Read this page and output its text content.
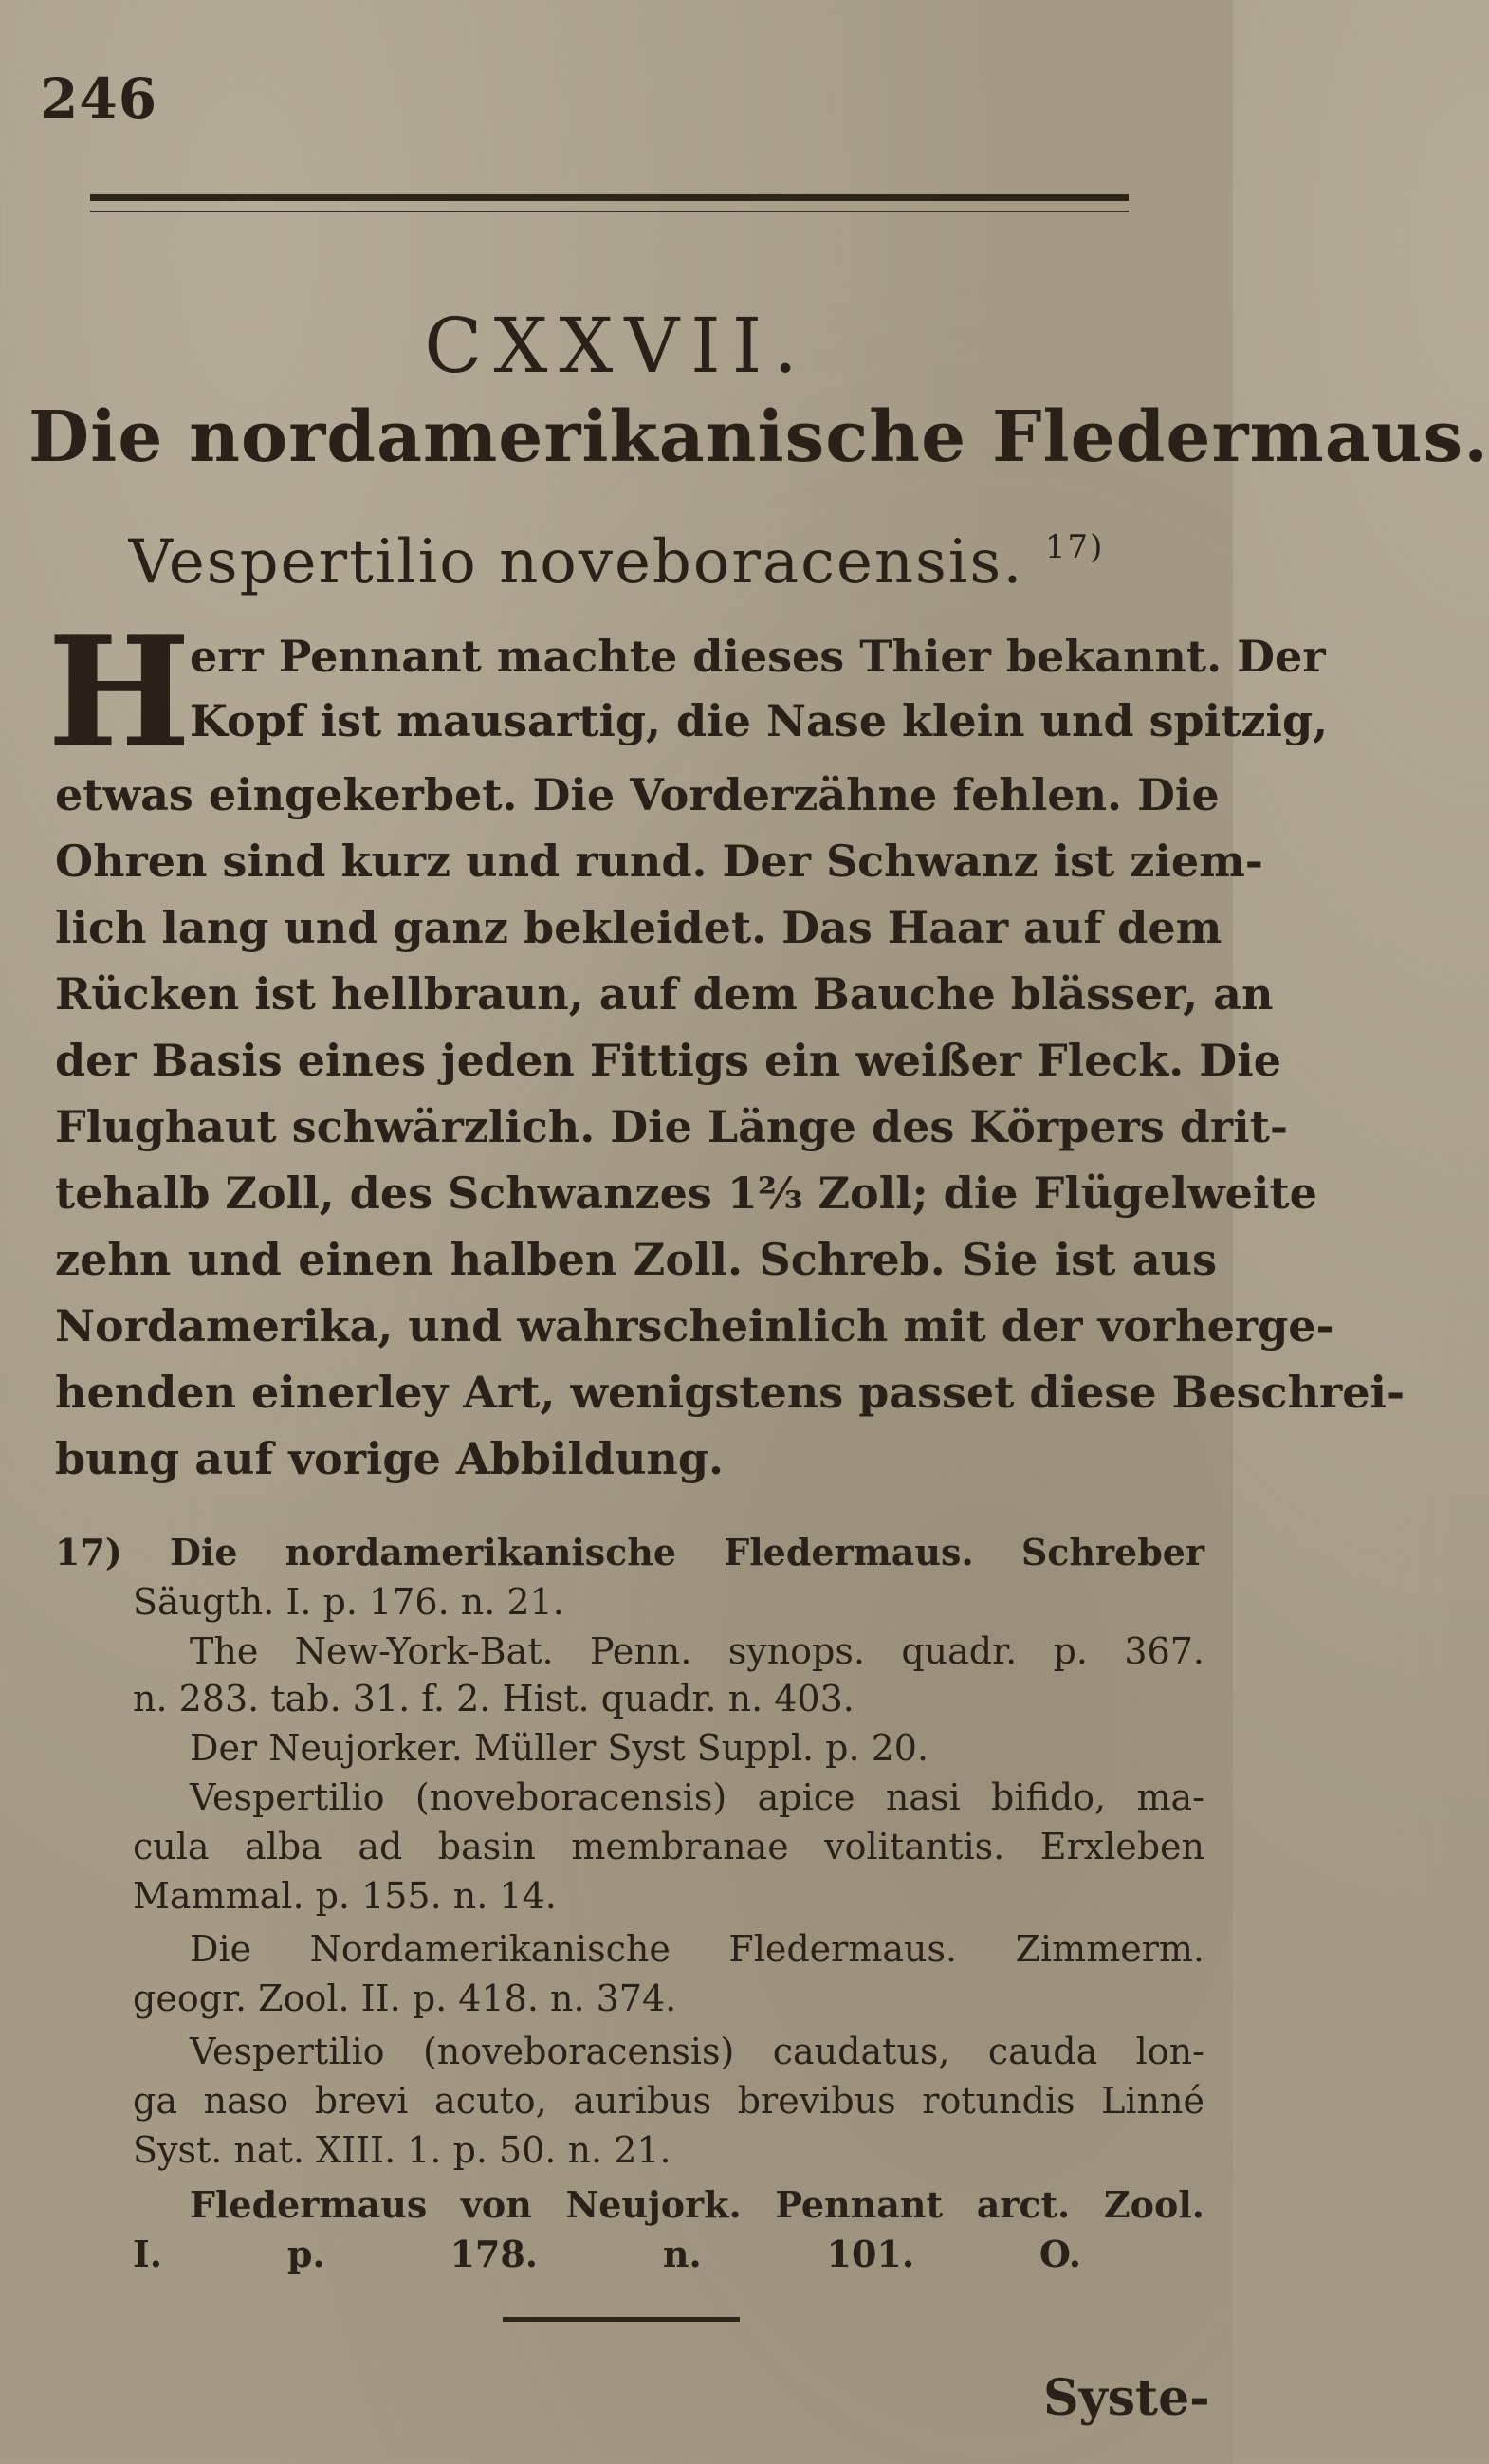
246
CXXVII.
Die nordamerikanische Fledermaus.
Vespertilio noveboracensis. $^{17)}$
H
err Pennant machte dieses Thier bekannt. Der
Kopf ist mausartig, die Nase klein und spitzig,
etwas eingekerbet. Die Vorderzähne fehlen. Die
Ohren sind kurz und rund. Der Schwanz ist ziem-
lich lang und ganz bekleidet. Das Haar auf dem
Rücken ist hellbraun, auf dem Bauche blässer, an
der Basis eines jeden Fittigs ein weißer Fleck. Die
Flughaut schwärzlich. Die Länge des Körpers drit-
tehalb Zoll, des Schwanzes 1⅔ Zoll; die Flügelweite
zehn und einen halben Zoll. Schreb. Sie ist aus
Nordamerika, und wahrscheinlich mit der vorherge-
henden einerley Art, wenigstens passet diese Beschrei-
bung auf vorige Abbildung.
17) Die nordamerikanische Fledermaus. Schreber
Säugth. I. p. 176. n. 21.
The New-York-Bat. Penn. synops. quadr. p. 367.
n. 283. tab. 31. f. 2. Hist. quadr. n. 403.
Der Neujorker. Müller Syst Suppl. p. 20.
Vespertilio (noveboracensis) apice nasi bifido, ma-
cula alba ad basin membranae volitantis. Erxleben
Mammal. p. 155. n. 14.
Die Nordamerikanische Fledermaus. Zimmerm.
geogr. Zool. II. p. 418. n. 374.
Vespertilio (noveboracensis) caudatus, cauda lon-
ga naso brevi acuto, auribus brevibus rotundis Linné
Syst. nat. XIII. 1. p. 50. n. 21.
Fledermaus von Neujork. Pennant arct. Zool.
I. p. 178. n. 101. O.
Syste-
